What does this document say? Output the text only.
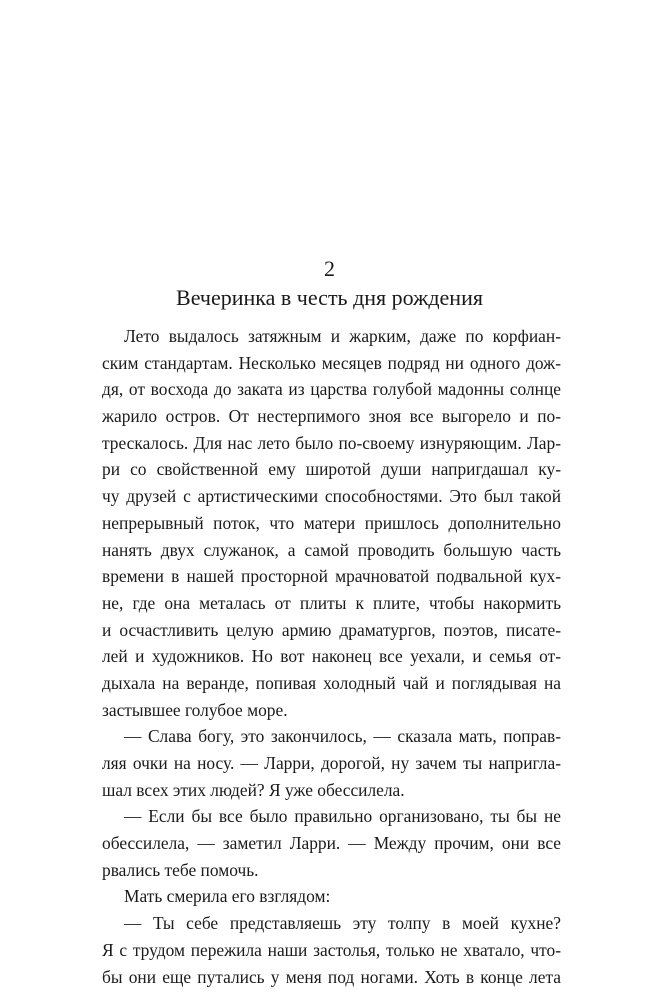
2
Вечеринка в честь дня рождения
Лето выдалось затяжным и жарким, даже по корфиан-
ским стандартам. Несколько месяцев подряд ни одного дож-
дя, от восхода до заката из царства голубой мадонны солнце
жарило остров. От нестерпимого зноя все выгорело и по-
трескалось. Для нас лето было по-своему изнуряющим. Лар-
ри со свойственной ему широтой души напригдашал ку-
чу друзей с артистическими способностями. Это был такой
непрерывный поток, что матери пришлось дополнительно
нанять двух служанок, а самой проводить большую часть
времени в нашей просторной мрачноватой подвальной кух-
не, где она металась от плиты к плите, чтобы накормить
и осчастливить целую армию драматургов, поэтов, писате-
лей и художников. Но вот наконец все уехали, и семья от-
дыхала на веранде, попивая холодный чай и поглядывая на
застывшее голубое море.
— Слава богу, это закончилось, — сказала мать, поправ-
ляя очки на носу. — Ларри, дорогой, ну зачем ты напригла-
шал всех этих людей? Я уже обессилела.
— Если бы все было правильно организовано, ты бы не
обессилела, — заметил Ларри. — Между прочим, они все
рвались тебе помочь.
Мать смерила его взглядом:
— Ты себе представляешь эту толпу в моей кухне?
Я с трудом пережила наши застолья, только не хватало, что-
бы они еще путались у меня под ногами. Хоть в конце лета
